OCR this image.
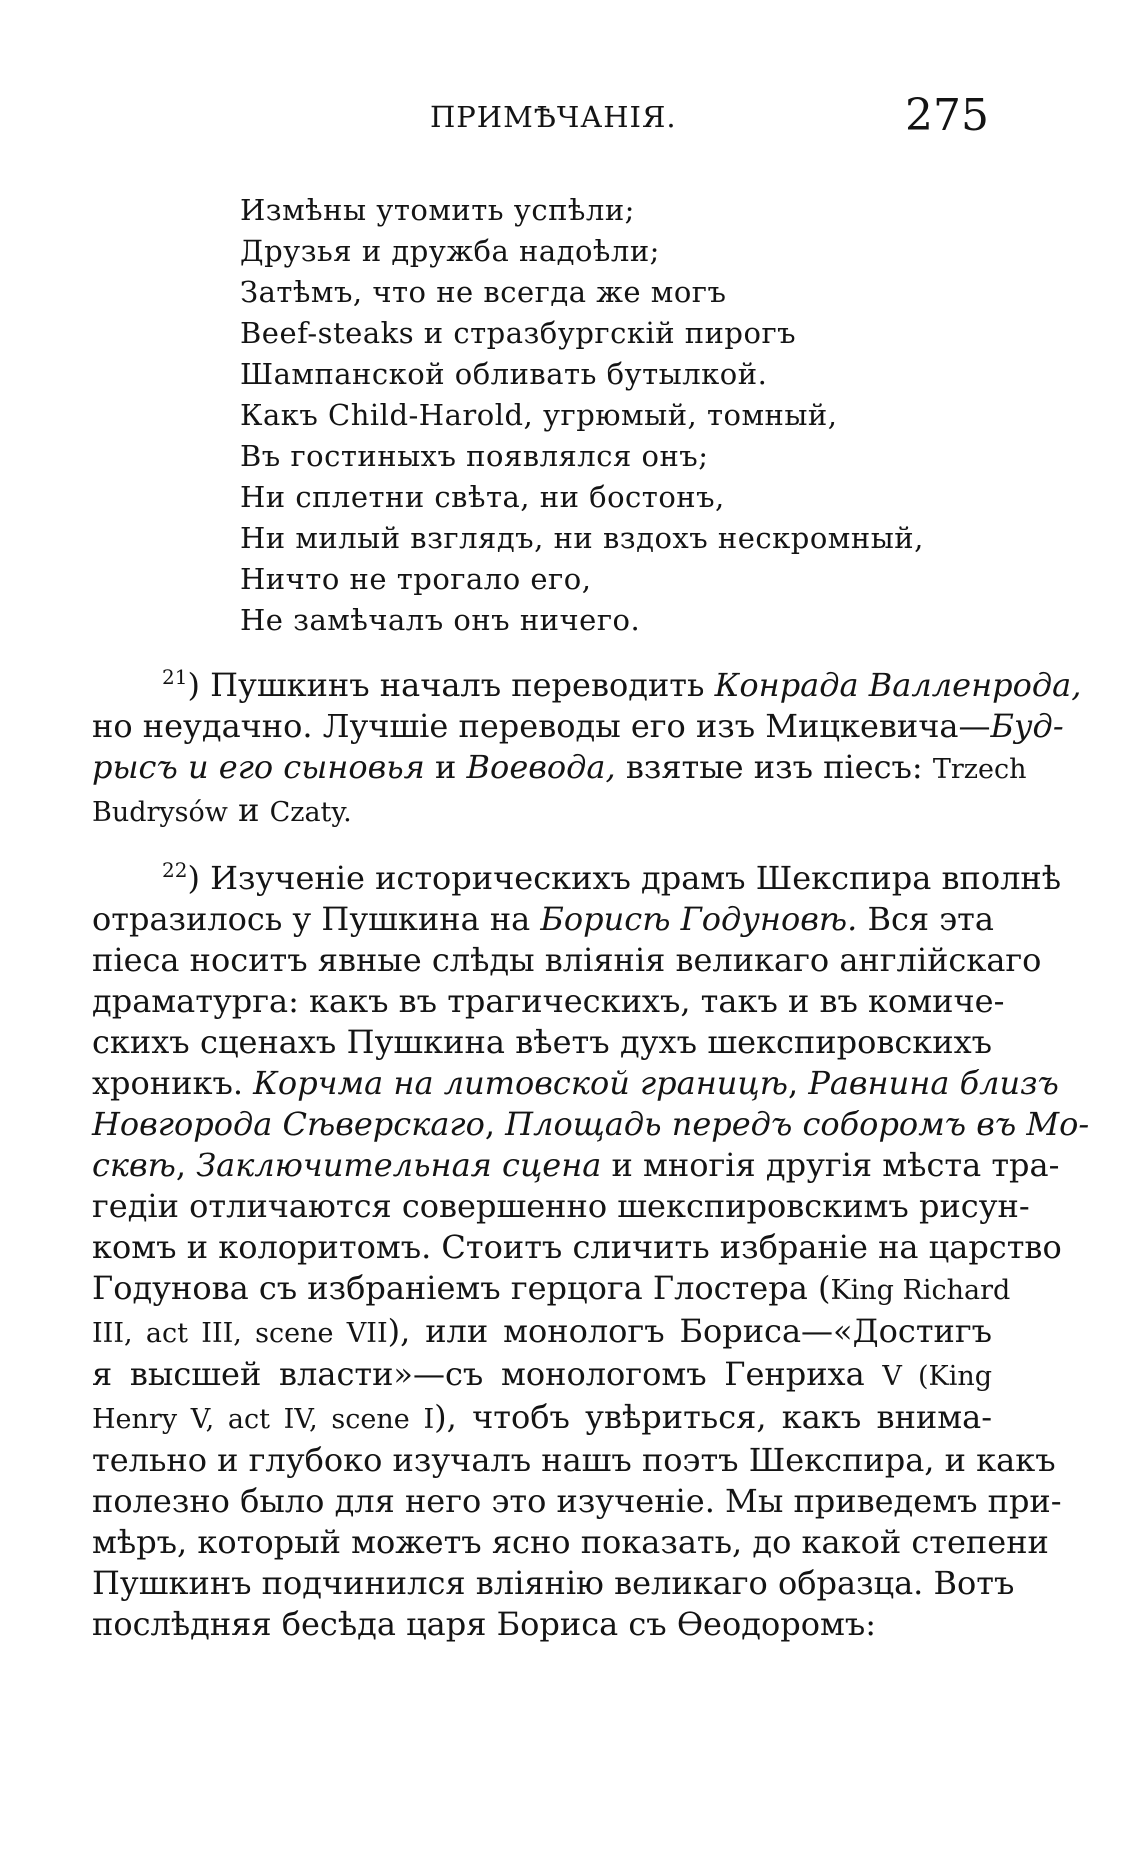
ПРИМѢЧАНІЯ.	275
Измѣны утомить успѣли;
Друзья и дружба надоѣли;
Затѣмъ, что не всегда же могъ
Beef-steaks и стразбургскій пирогъ
Шампанской обливать бутылкой.
Какъ Child-Harold, угрюмый, томный,
Въ гостиныхъ появлялся онъ;
Ни сплетни свѣта, ни бостонъ,
Ни милый взглядъ, ни вздохъ нескромный,
Ничто не трогало его,
Не замѣчалъ онъ ничего.
$^{21}$) Пушкинъ началъ переводить Конрада Валленрода,
но неудачно. Лучшіе переводы его изъ Мицкевича—Буд-
рысъ и его сыновья и Воевода, взятые изъ піесъ: Trzech
Budrysów и Czaty.
$^{22}$) Изученіе историческихъ драмъ Шекспира вполнѣ
отразилось у Пушкина на Борисѣ Годуновѣ. Вся эта
піеса носитъ явные слѣды вліянія великаго англійскаго
драматурга: какъ въ трагическихъ, такъ и въ комиче-
скихъ сценахъ Пушкина вѣетъ духъ шекспировскихъ
хроникъ. Корчма на литовской границѣ, Равнина близъ
Новгорода Сѣверскаго, Площадь передъ соборомъ въ Мо-
сквѣ, Заключительная сцена и многія другія мѣста тра-
гедіи отличаются совершенно шекспировскимъ рисун-
комъ и колоритомъ. Стоитъ сличить избраніе на царство
Годунова съ избраніемъ герцога Глостера (King Richard
III, act III, scene VII), или монологъ Бориса—«Достигъ
я высшей власти»—съ монологомъ Генриха V (King
Henry V, act IV, scene I), чтобъ увѣриться, какъ внима-
тельно и глубоко изучалъ нашъ поэтъ Шекспира, и какъ
полезно было для него это изученіе. Мы приведемъ при-
мѣръ, который можетъ ясно показать, до какой степени
Пушкинъ подчинился вліянію великаго образца. Вотъ
послѣдняя бесѣда царя Бориса съ Ѳеодоромъ:
